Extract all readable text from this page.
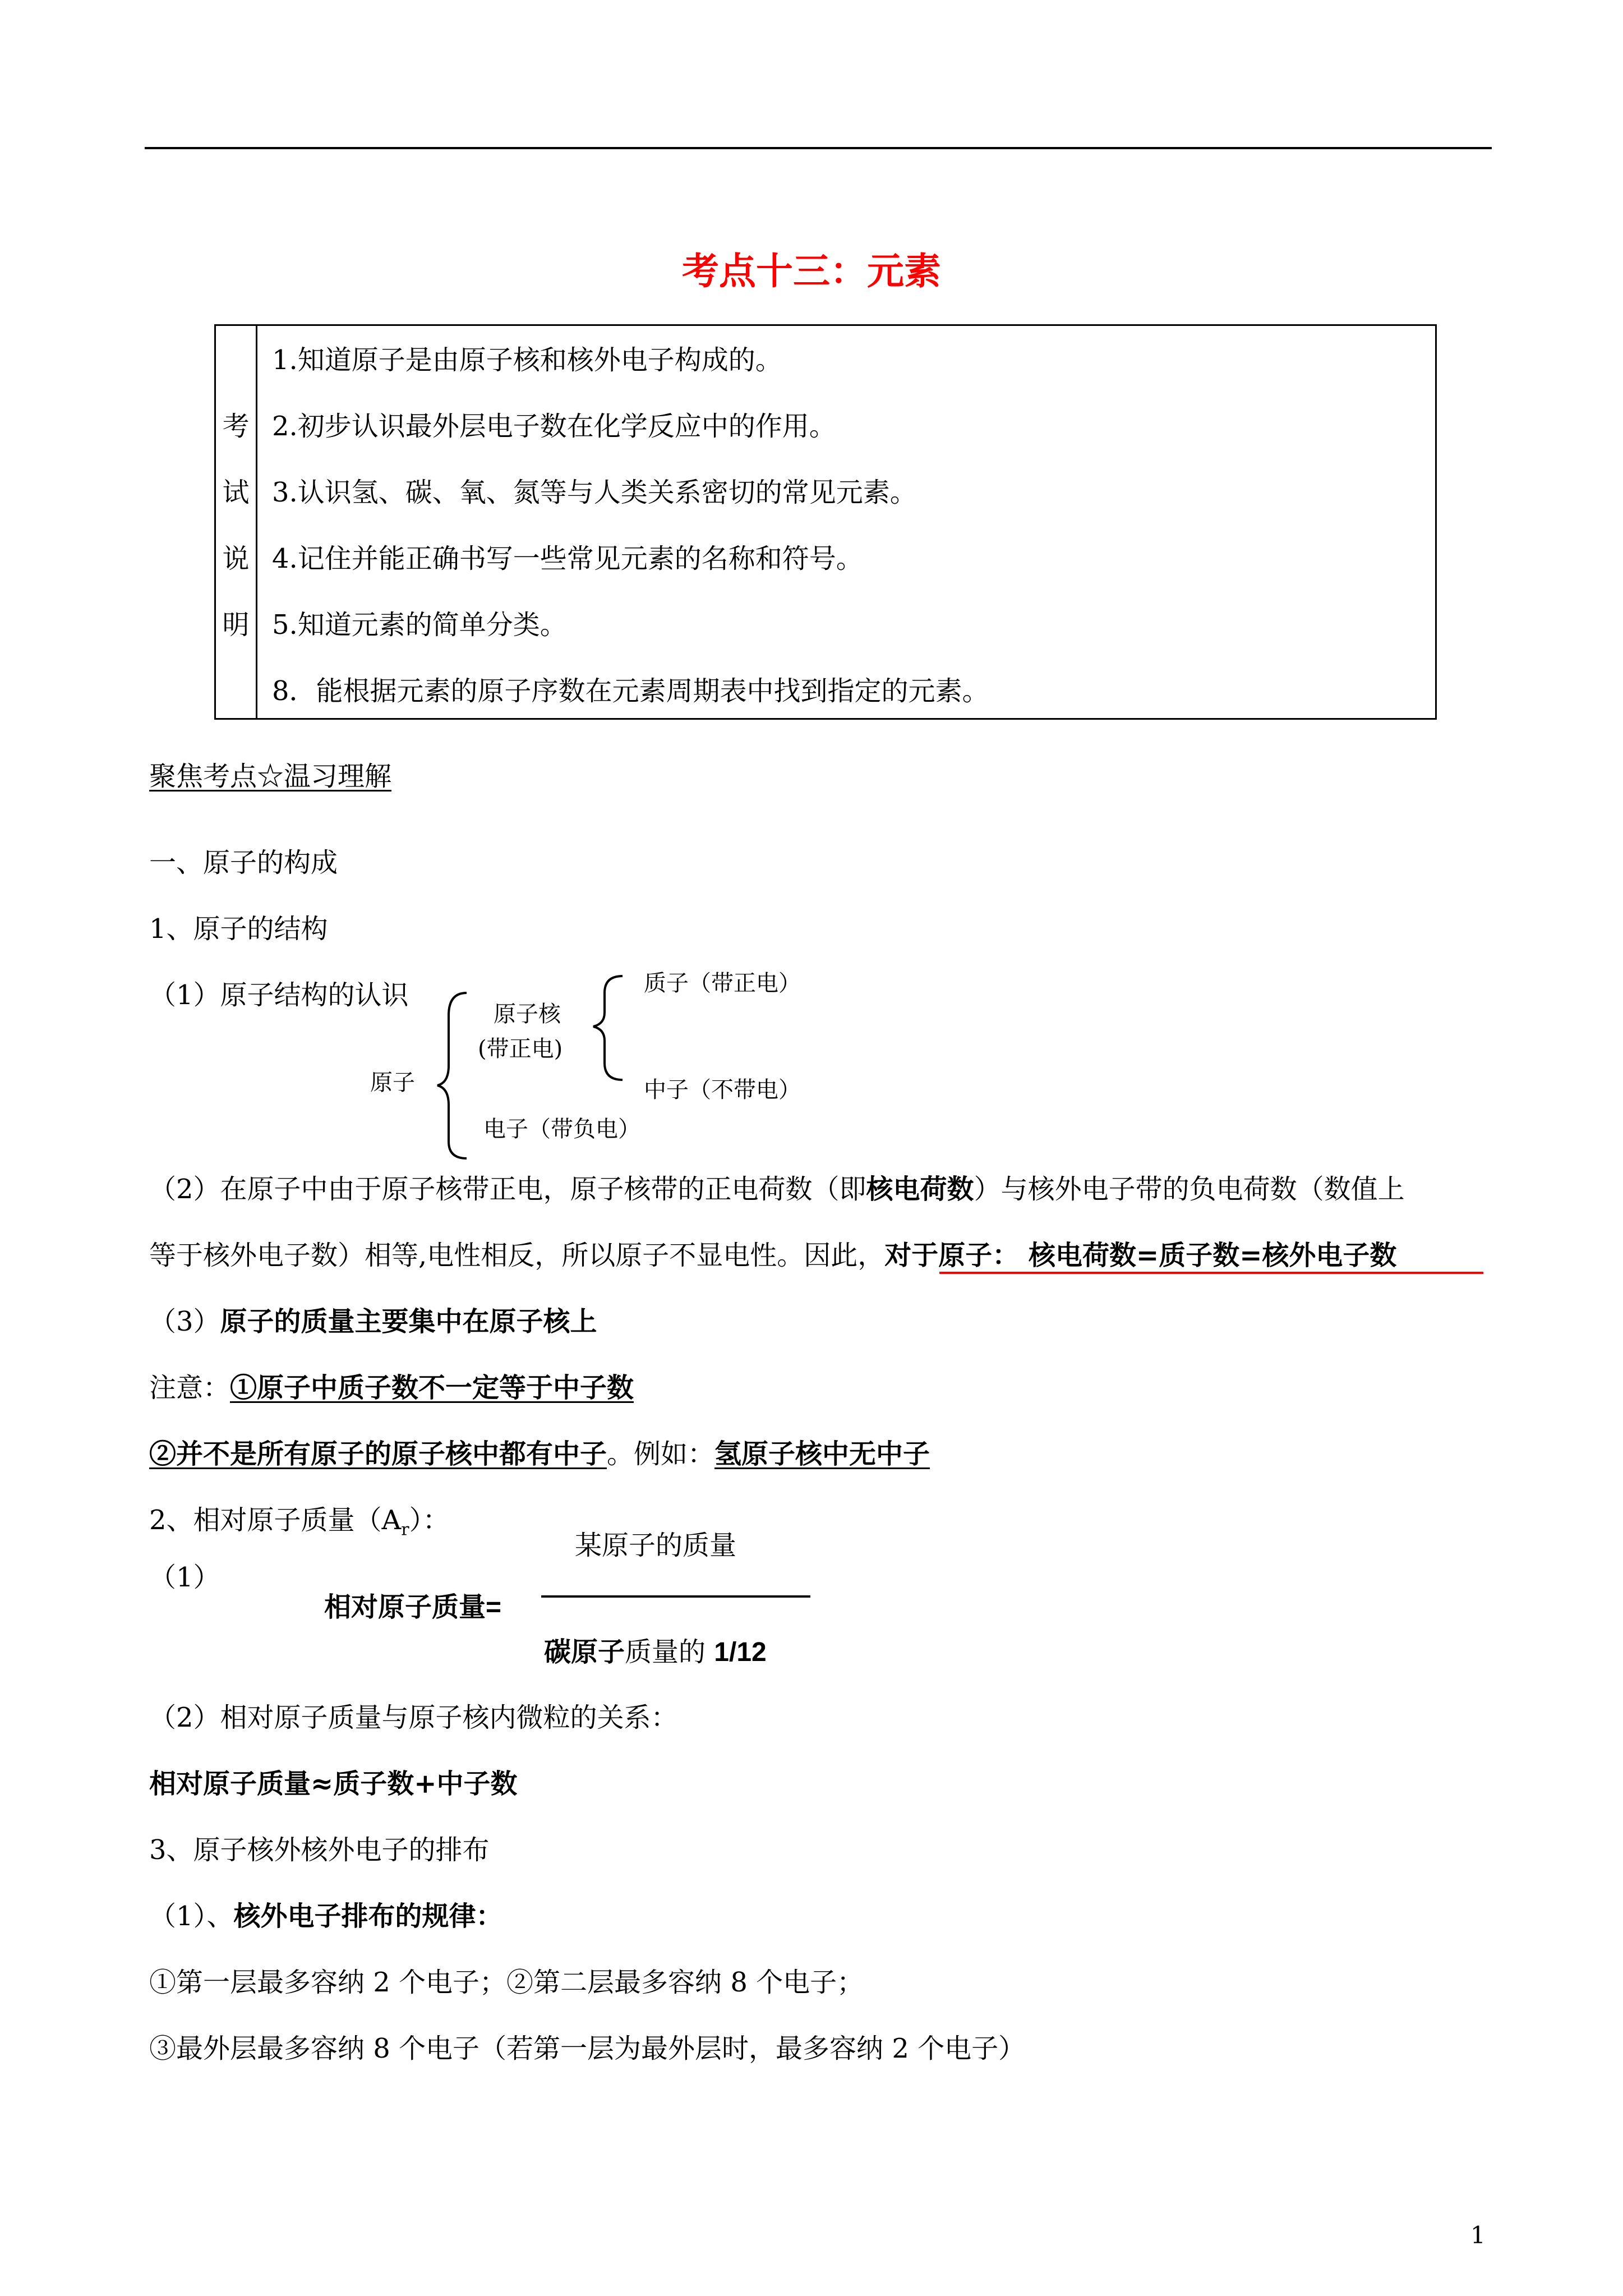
考点十三：元素
考
试
说
明
1.知道原子是由原子核和核外电子构成的。
2.初步认识最外层电子数在化学反应中的作用。
3.认识氢、碳、氧、氮等与人类关系密切的常见元素。
4.记住并能正确书写一些常见元素的名称和符号。
5.知道元素的简单分类。
8．能根据元素的原子序数在元素周期表中找到指定的元素。
聚焦考点☆温习理解
一、原子的构成
1、原子的结构
（1）原子结构的认识
原子核
(带正电)
原子
质子（带正电）
中子（不带电）
电子（带负电）
（2）在原子中由于原子核带正电，原子核带的正电荷数（即核电荷数）与核外电子带的负电荷数（数值上
等于核外电子数）相等,电性相反，所以原子不显电性。因此，对于原子： 核电荷数=质子数=核外电子数
（3）原子的质量主要集中在原子核上
注意：①原子中质子数不一定等于中子数
②并不是所有原子的原子核中都有中子。例如：氢原子核中无中子
2、相对原子质量$(A_r)$：
某原子的质量
（1）
相对原子质量=
碳原子质量的 1/12
（2）相对原子质量与原子核内微粒的关系：
相对原子质量≈质子数+中子数
3、原子核外核外电子的排布
（1）、核外电子排布的规律：
①第一层最多容纳 2 个电子；②第二层最多容纳 8 个电子；
③最外层最多容纳 8 个电子（若第一层为最外层时，最多容纳 2 个电子）
1
